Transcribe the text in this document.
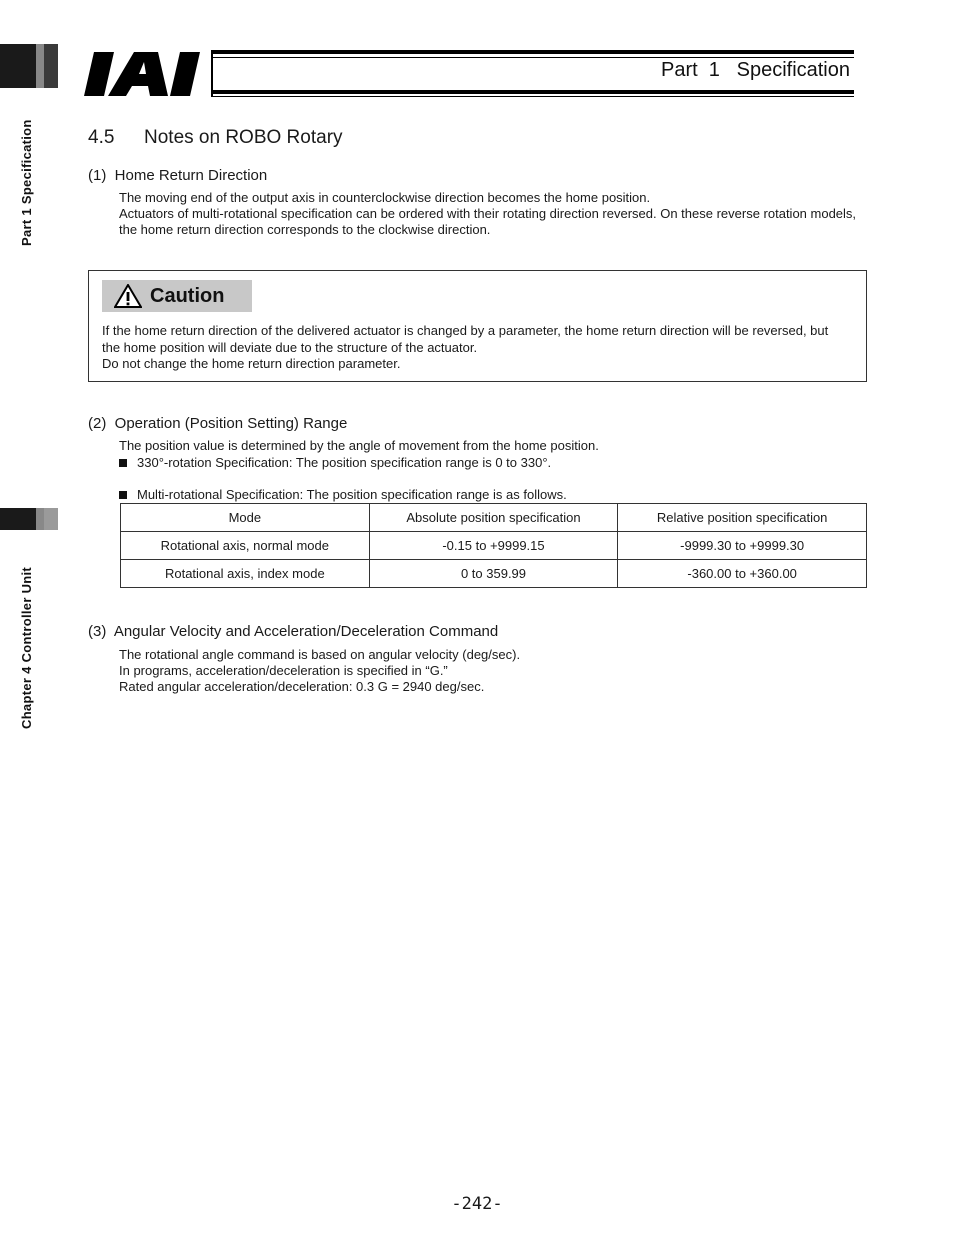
Part 1 Specification
Chapter 4 Controller Unit
Part  1   Specification
4.5 Notes on ROBO Rotary
(1)  Home Return Direction
The moving end of the output axis in counterclockwise direction becomes the home position.
Actuators of multi-rotational specification can be ordered with their rotating direction reversed. On these reverse rotation models, the home return direction corresponds to the clockwise direction.
Caution
If the home return direction of the delivered actuator is changed by a parameter, the home return direction will be reversed, but the home position will deviate due to the structure of the actuator.
Do not change the home return direction parameter.
(2)  Operation (Position Setting) Range
The position value is determined by the angle of movement from the home position.
330°-rotation Specification: The position specification range is 0 to 330°.
Multi-rotational Specification: The position specification range is as follows.
Mode	Absolute position specification	Relative position specification
Rotational axis, normal mode	-0.15 to +9999.15	-9999.30 to +9999.30
Rotational axis, index mode	0 to 359.99	-360.00 to +360.00
(3)  Angular Velocity and Acceleration/Deceleration Command
The rotational angle command is based on angular velocity (deg/sec).
In programs, acceleration/deceleration is specified in “G.”
Rated angular acceleration/deceleration: 0.3 G = 2940 deg/sec.
-242-
